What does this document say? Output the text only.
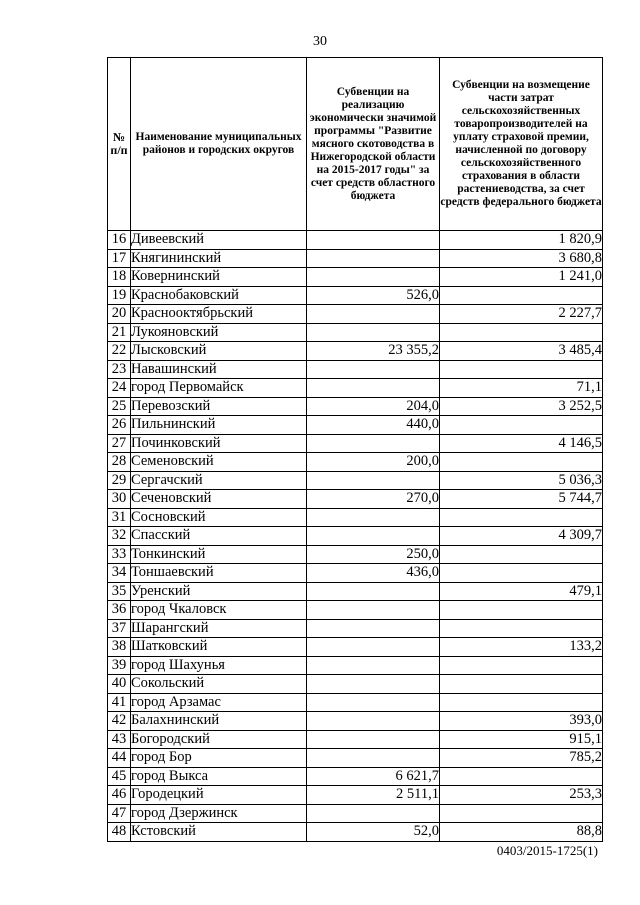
30
№ п/п	Наименование муниципальных районов и городских округов	Субвенции на реализацию экономически значимой программы "Развитие мясного скотоводства в Нижегородской области на 2015-2017 годы" за счет средств областного бюджета	Субвенции на возмещение части затрат сельскохозяйственных товаропроизводителей на уплату страховой премии, начисленной по договору сельскохозяйственного страхования в области растениеводства, за счет средств федерального бюджета
16	Дивеевский		1 820,9
17	Княгининский		3 680,8
18	Ковернинский		1 241,0
19	Краснобаковский	526,0	
20	Краснооктябрьский		2 227,7
21	Лукояновский		
22	Лысковский	23 355,2	3 485,4
23	Навашинский		
24	город Первомайск		71,1
25	Перевозский	204,0	3 252,5
26	Пильнинский	440,0	
27	Починковский		4 146,5
28	Семеновский	200,0	
29	Сергачский		5 036,3
30	Сеченовский	270,0	5 744,7
31	Сосновский		
32	Спасский		4 309,7
33	Тонкинский	250,0	
34	Тоншаевский	436,0	
35	Уренский		479,1
36	город Чкаловск		
37	Шарангский		
38	Шатковский		133,2
39	город Шахунья		
40	Сокольский		
41	город Арзамас		
42	Балахнинский		393,0
43	Богородский		915,1
44	город Бор		785,2
45	город Выкса	6 621,7	
46	Городецкий	2 511,1	253,3
47	город Дзержинск		
48	Кстовский	52,0	88,8
0403/2015-1725(1)
